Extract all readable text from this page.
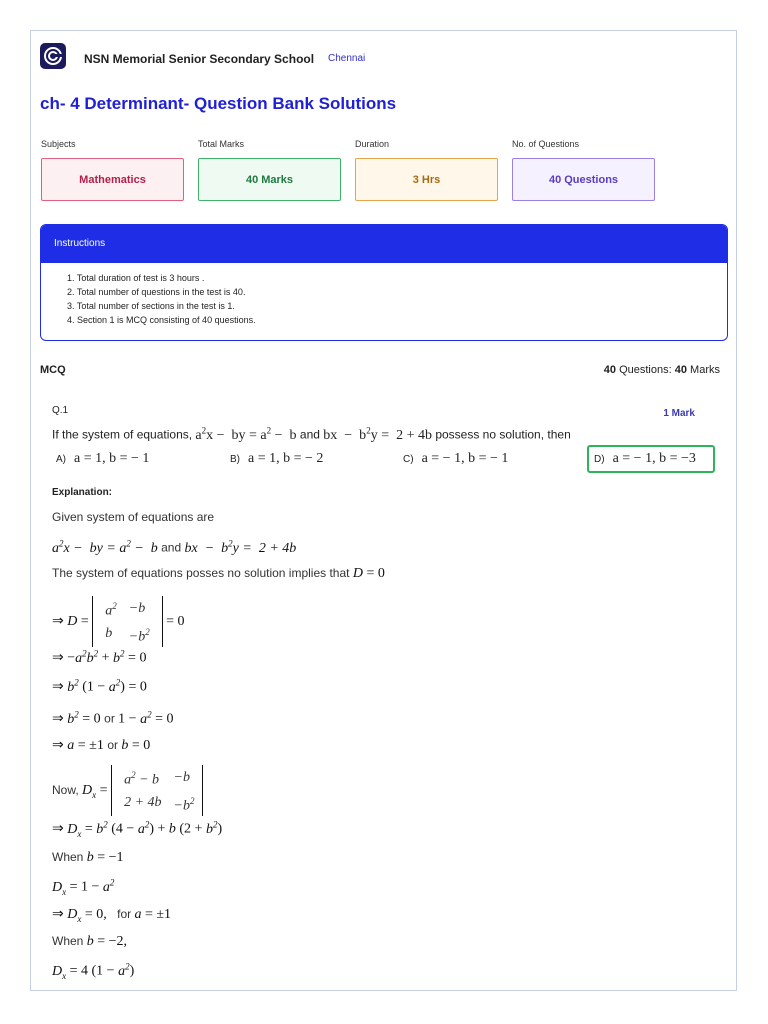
NSN Memorial Senior Secondary School Chennai
ch- 4 Determinant- Question Bank Solutions
Subjects	Total Marks	Duration	No. of Questions
Mathematics	40 Marks	3 Hrs	40 Questions
Instructions
1. Total duration of test is 3 hours .
2. Total number of questions in the test is 40.
3. Total number of sections in the test is 1.
4. Section 1 is MCQ consisting of 40 questions.
MCQ	40 Questions: 40 Marks
Q.1	1 Mark
If the system of equations, $a^2x$ −  by = $a^2 - b$ and bx  −  $b^2y = 2 + 4b$ possess no solution, then
A) a = 1, b = − 1	B) a = 1, b = − 2	C) a = − 1, b = − 1	D) a = − 1, b = −3
Explanation:
Given system of equations are
$a^2x$ −  by = $a^2 - b$ and bx  −  $b^2y = 2 + 4b$
The system of equations posses no solution implies that D = 0
⇒ D =
$a^2$	−b
b	$-b^2$
= 0
⇒ $-a^2b^2 + b^2 = 0$
⇒ $b^2$ $(1 - a^2) = 0$
⇒ $b^2 = 0$ or $1 - a^2 = 0$
⇒ a = ±1 or b = 0
Now, $D_x$ =
$a^2 - b$	−b
2 + 4b	$-b^2$
⇒ $D_x = b^2$ $(4 - a^2) + b$ $(2 + b^2)$
When b = −1
$D_x = 1 - a^2$
⇒ $D_x = 0$,   for a = ±1
When b = −2,
$D_x = 4$ $(1 - a^2)$
